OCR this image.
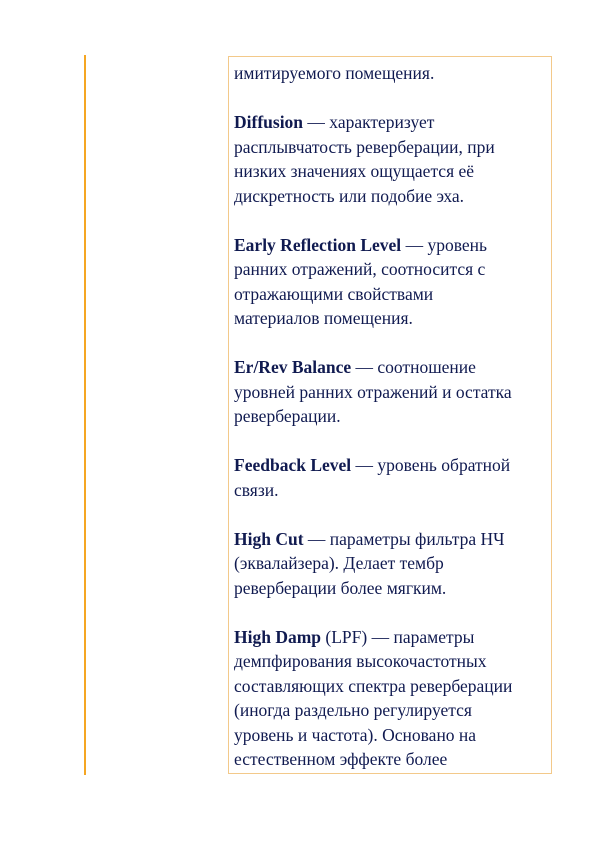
имитируемого помещения.

Diffusion — характеризует
расплывчатость реверберации, при
низких значениях ощущается её
дискретность или подобие эха.

Early Reflection Level — уровень
ранних отражений, соотносится с
отражающими свойствами
материалов помещения.

Er/Rev Balance — соотношение
уровней ранних отражений и остатка
реверберации.

Feedback Level — уровень обратной
связи.

High Cut — параметры фильтра НЧ
(эквалайзера). Делает тембр
реверберации более мягким.

High Damp (LPF) — параметры
демпфирования высокочастотных
составляющих спектра реверберации
(иногда раздельно регулируется
уровень и частота). Основано на
естественном эффекте более
